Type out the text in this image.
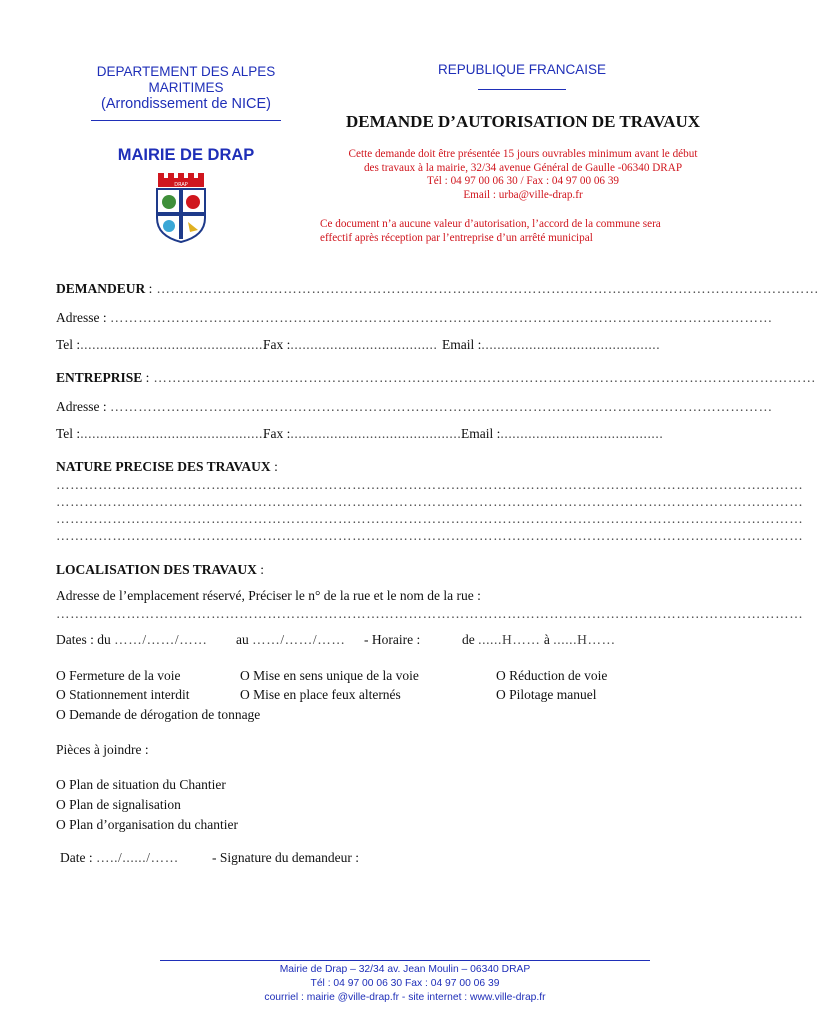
DEPARTEMENT DES ALPES
MARITIMES
(Arrondissement de NICE)
MAIRIE DE DRAP
DRAP
REPUBLIQUE FRANCAISE
DEMANDE D’AUTORISATION DE TRAVAUX
Cette demande doit être présentée 15 jours ouvrables minimum avant le début
des travaux à la mairie, 32/34 avenue Général de Gaulle -06340 DRAP
Tél : 04 97 00 06 30 / Fax : 04 97 00 06 39
Email : urba@ville-drap.fr
Ce document n’a aucune valeur d’autorisation, l’accord de la commune sera
effectif après réception par l’entreprise d’un arrêté municipal
DEMANDEUR : ……………………………………………………………………………………………………………………………
Adresse : ……………………………………………………………………………………………………………………………
Tel :...............................................
Fax :..................................... Email :.............................................
ENTREPRISE : ……………………………………………………………………………………………………………………………
Adresse : ……………………………………………………………………………………………………………………………
Tel :...............................................
Fax :............................................
Email :.........................................
NATURE PRECISE DES TRAVAUX :
……………………………………………………………………………………………………………………………………………
……………………………………………………………………………………………………………………………………………
……………………………………………………………………………………………………………………………………………
……………………………………………………………………………………………………………………………………………
LOCALISATION DES TRAVAUX :
Adresse de l’emplacement réservé, Préciser le n° de la rue et le nom de la rue :
……………………………………………………………………………………………………………………………………………
Dates : du ……/……/…… au ……/……/…… - Horaire :	de ......H…… à ......H……
O Fermeture de la voie	O Mise en sens unique de la voie	O Réduction de voie
O Stationnement interdit	O Mise en place feux alternés	O Pilotage manuel
O Demande de dérogation de tonnage
Pièces à joindre :
O Plan de situation du Chantier
O Plan de signalisation
O Plan d’organisation du chantier
Date : …../....../…… - Signature du demandeur :
Mairie de Drap – 32/34 av. Jean Moulin – 06340 DRAP
Tél : 04 97 00 06 30 Fax : 04 97 00 06 39
courriel : mairie @ville-drap.fr - site internet : www.ville-drap.fr
